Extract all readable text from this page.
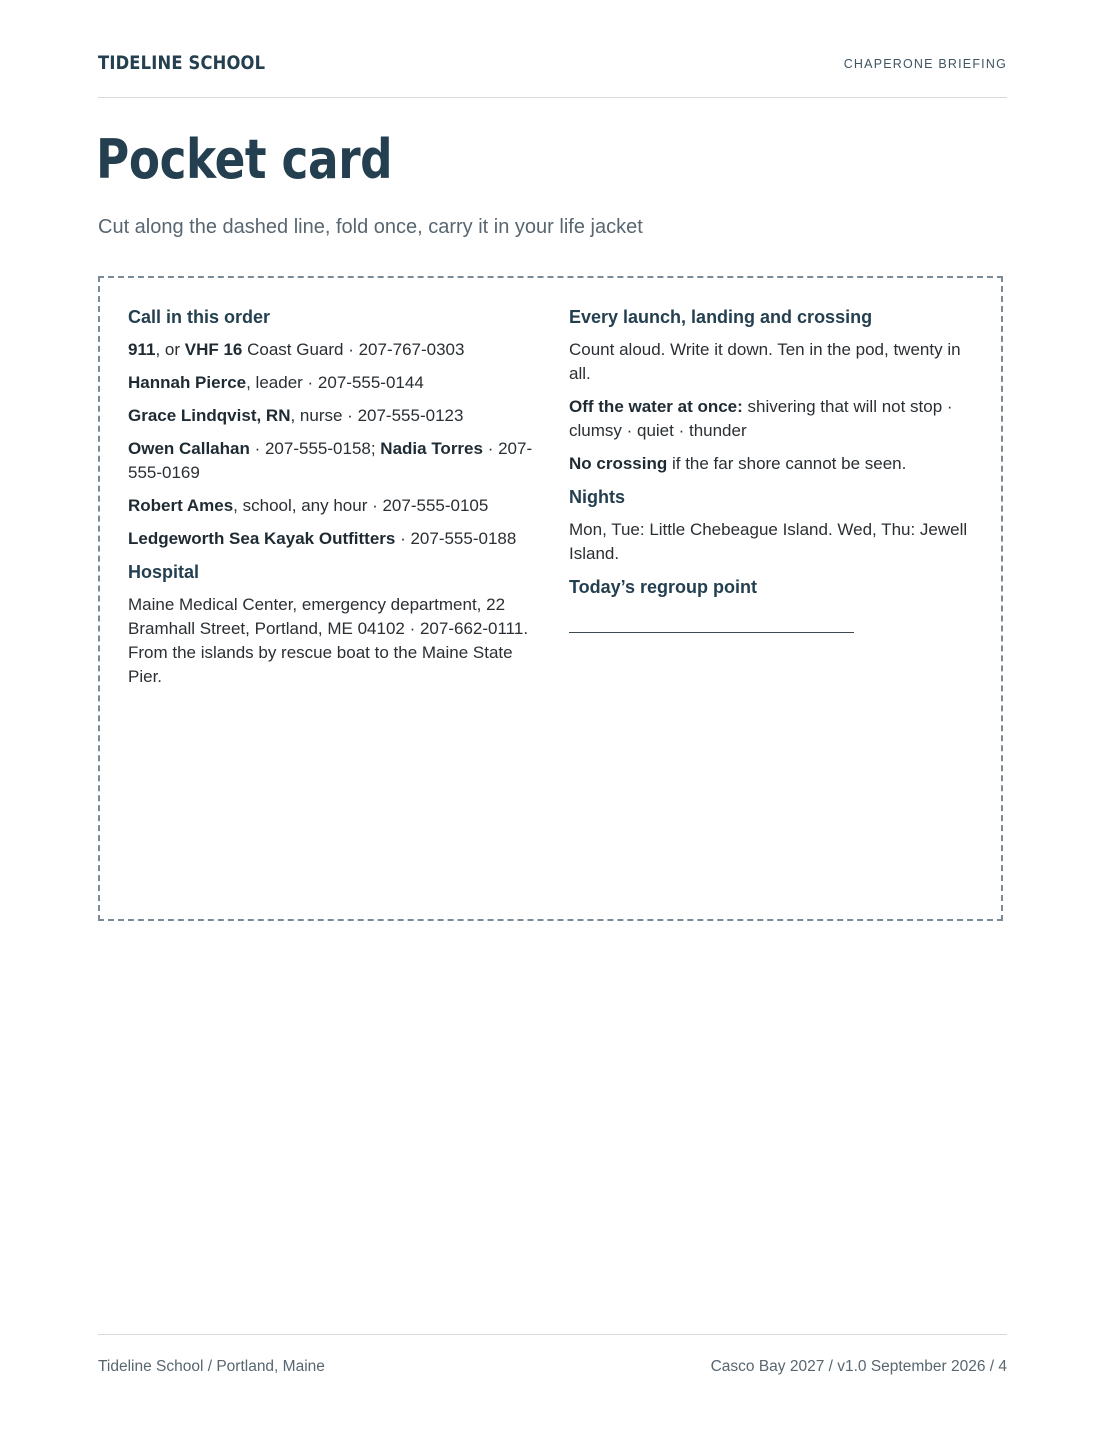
TIDELINE SCHOOL	CHAPERONE BRIEFING
Pocket card
Cut along the dashed line, fold once, carry it in your life jacket
Call in this order
911, or VHF 16 Coast Guard · 207-767-0303
Hannah Pierce, leader · 207-555-0144
Grace Lindqvist, RN, nurse · 207-555-0123
Owen Callahan · 207-555-0158; Nadia Torres · 207-555-0169
Robert Ames, school, any hour · 207-555-0105
Ledgeworth Sea Kayak Outfitters · 207-555-0188
Hospital
Maine Medical Center, emergency department, 22 Bramhall Street, Portland, ME 04102 · 207-662-0111. From the islands by rescue boat to the Maine State Pier.
Every launch, landing and crossing
Count aloud. Write it down. Ten in the pod, twenty in all.
Off the water at once: shivering that will not stop · clumsy · quiet · thunder
No crossing if the far shore cannot be seen.
Nights
Mon, Tue: Little Chebeague Island. Wed, Thu: Jewell Island.
Today’s regroup point
Tideline School / Portland, Maine	Casco Bay 2027 / v1.0 September 2026 / 4
